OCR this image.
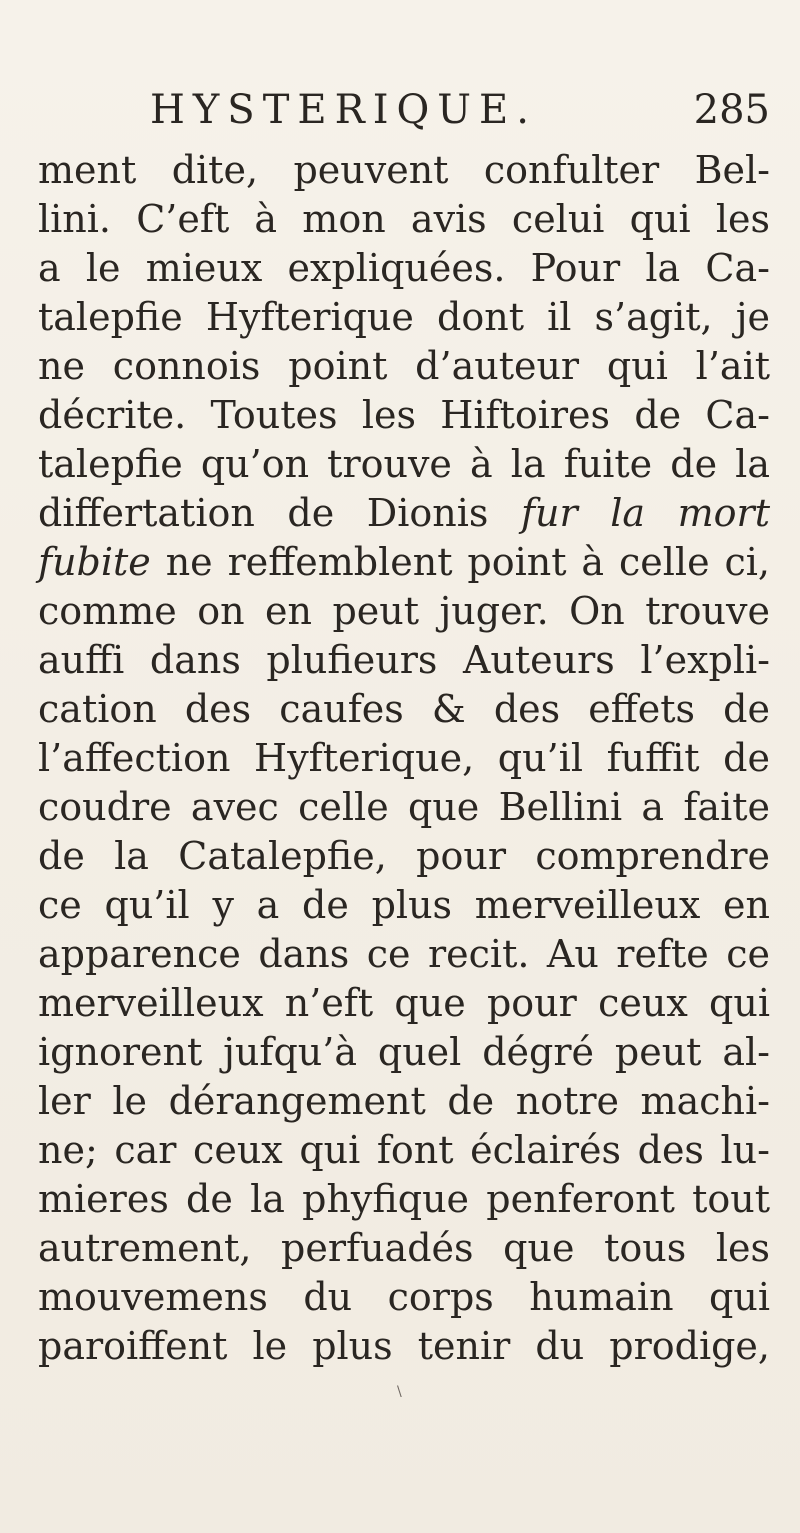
HYSTERIQUE.	285
ment dite, peuvent confulter Bel-
lini. C’eft à mon avis celui qui les
a le mieux expliquées. Pour la Ca-
talepfie Hyfterique dont il s’agit, je
ne connois point d’auteur qui l’ait
décrite. Toutes les Hiftoires de Ca-
talepfie qu’on trouve à la fuite de la
differtation de Dionis fur la mort
fubite ne reffemblent point à celle ci,
comme on en peut juger. On trouve
auffi dans plufieurs Auteurs l’expli-
cation des caufes & des effets de
l’affection Hyfterique, qu’il fuffit de
coudre avec celle que Bellini a faite
de la Catalepfie, pour comprendre
ce qu’il y a de plus merveilleux en
apparence dans ce recit. Au refte ce
merveilleux n’eft que pour ceux qui
ignorent jufqu’à quel dégré peut al-
ler le dérangement de notre machi-
ne; car ceux qui font éclairés des lu-
mieres de la phyfique penferont tout
autrement, perfuadés que tous les
mouvemens du corps humain qui
paroiffent le plus tenir du prodige,
\
